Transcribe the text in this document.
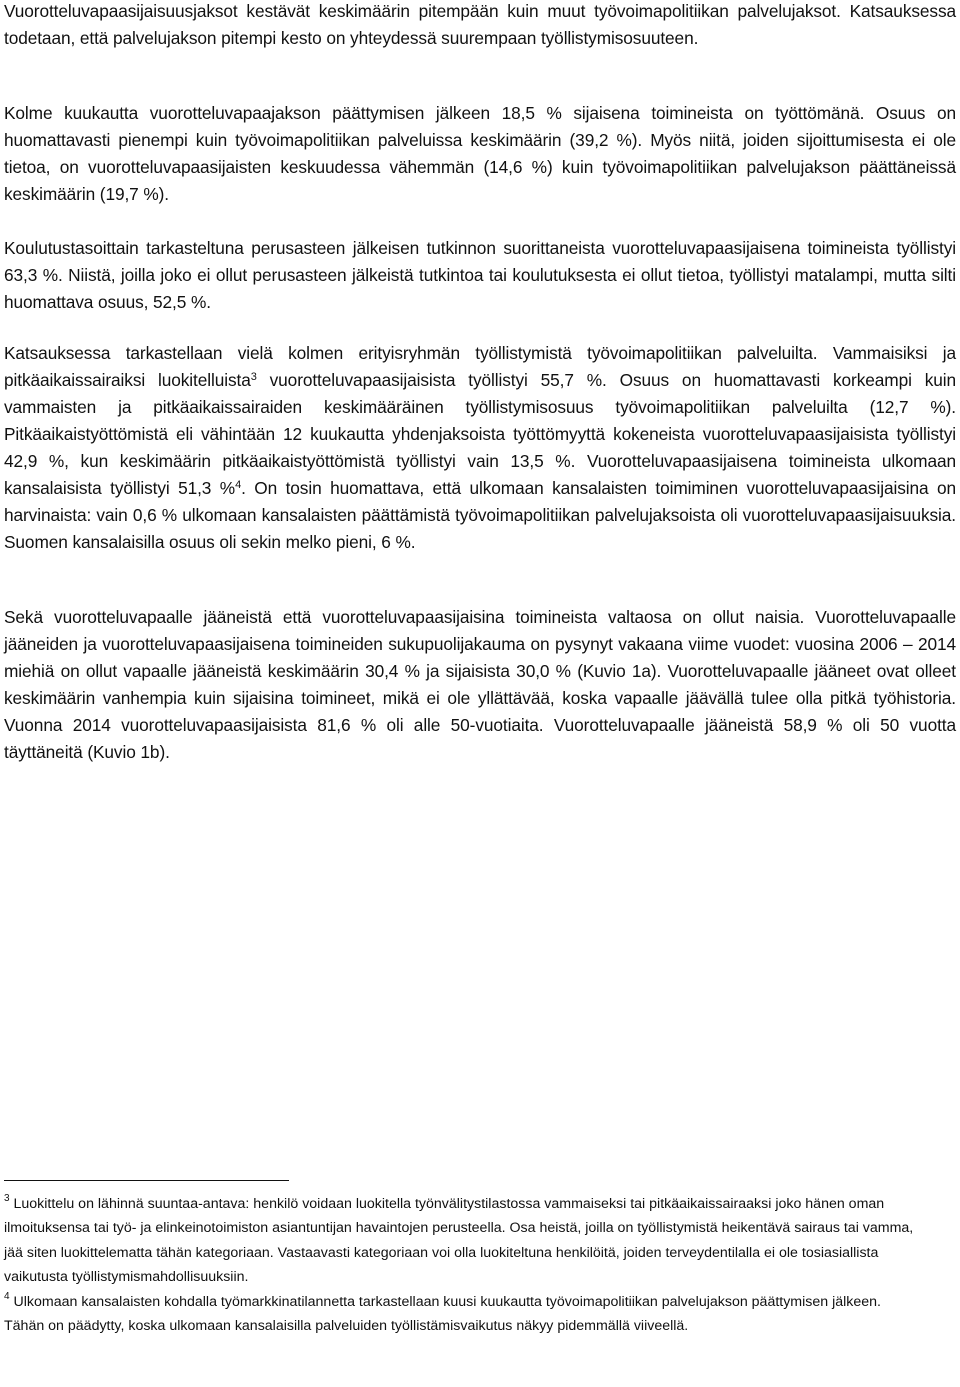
Vuorotteluvapaasijaisuusjaksot kestävät keskimäärin pitempään kuin muut työvoimapolitiikan palvelujaksot. Katsauksessa todetaan, että palvelujakson pitempi kesto on yhteydessä suurempaan työllistymisosuuteen.

Kolme kuukautta vuorotteluvapaajakson päättymisen jälkeen 18,5 % sijaisena toimineista on työttömänä. Osuus on huomattavasti pienempi kuin työvoimapolitiikan palveluissa keskimäärin (39,2 %). Myös niitä, joiden sijoittumisesta ei ole tietoa, on vuorotteluvapaasijaisten keskuudessa vähemmän (14,6 %) kuin työvoimapolitiikan palvelujakson päättäneissä keskimäärin (19,7 %).

Koulutustasoittain tarkasteltuna perusasteen jälkeisen tutkinnon suorittaneista vuorotteluvapaasijaisena toimineista työllistyi 63,3 %. Niistä, joilla joko ei ollut perusasteen jälkeistä tutkintoa tai koulutuksesta ei ollut tietoa, työllistyi matalampi, mutta silti huomattava osuus, 52,5 %.

Katsauksessa tarkastellaan vielä kolmen erityisryhmän työllistymistä työvoimapolitiikan palveluilta. Vammaisiksi ja pitkäaikaissairaiksi luokitelluista$^3$ vuorotteluvapaasijaisista työllistyi 55,7 %. Osuus on huomattavasti korkeampi kuin vammaisten ja pitkäaikaissairaiden keskimääräinen työllistymisosuus työvoimapolitiikan palveluilta (12,7 %). Pitkäaikaistyöttömistä eli vähintään 12 kuukautta yhdenjaksoista työttömyyttä kokeneista vuorotteluvapaasijaisista työllistyi 42,9 %, kun keskimäärin pitkäaikaistyöttömistä työllistyi vain 13,5 %. Vuorotteluvapaasijaisena toimineista ulkomaan kansalaisista työllistyi 51,3 %$^4$. On tosin huomattava, että ulkomaan kansalaisten toimiminen vuorotteluvapaasijaisina on harvinaista: vain 0,6 % ulkomaan kansalaisten päättämistä työvoimapolitiikan palvelujaksoista oli vuorotteluvapaasijaisuuksia. Suomen kansalaisilla osuus oli sekin melko pieni, 6 %.

Sekä vuorotteluvapaalle jääneistä että vuorotteluvapaasijaisina toimineista valtaosa on ollut naisia. Vuorotteluvapaalle jääneiden ja vuorotteluvapaasijaisena toimineiden sukupuolijakauma on pysynyt vakaana viime vuodet: vuosina 2006 – 2014 miehiä on ollut vapaalle jääneistä keskimäärin 30,4 % ja sijaisista 30,0 % (Kuvio 1a). Vuorotteluvapaalle jääneet ovat olleet keskimäärin vanhempia kuin sijaisina toimineet, mikä ei ole yllättävää, koska vapaalle jäävällä tulee olla pitkä työhistoria. Vuonna 2014 vuorotteluvapaasijaisista 81,6 % oli alle 50-vuotiaita. Vuorotteluvapaalle jääneistä 58,9 % oli 50 vuotta täyttäneitä (Kuvio 1b).

$^3$ Luokittelu on lähinnä suuntaa-antava: henkilö voidaan luokitella työnvälitystilastossa vammaiseksi tai pitkäaikaissairaaksi joko hänen oman ilmoituksensa tai työ- ja elinkeinotoimiston asiantuntijan havaintojen perusteella. Osa heistä, joilla on työllistymistä heikentävä sairaus tai vamma, jää siten luokittelematta tähän kategoriaan. Vastaavasti kategoriaan voi olla luokiteltuna henkilöitä, joiden terveydentilalla ei ole tosiasiallista vaikutusta työllistymismahdollisuuksiin.

$^4$ Ulkomaan kansalaisten kohdalla työmarkkinatilannetta tarkastellaan kuusi kuukautta työvoimapolitiikan palvelujakson päättymisen jälkeen. Tähän on päädytty, koska ulkomaan kansalaisilla palveluiden työllistämisvaikutus näkyy pidemmällä viiveellä.
